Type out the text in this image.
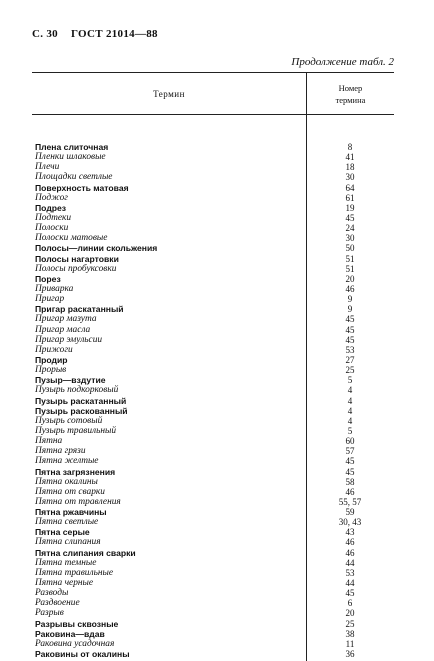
С. 30 ГОСТ 21014—88
Продолжение табл. 2
Термин
Номер
термина
Плена слиточная	8
Пленки шлаковые	41
Плечи	18
Площадки светлые	30
Поверхность матовая	64
Поджог	61
Подрез	19
Подтеки	45
Полоски	24
Полоски матовые	30
Полосы—линии скольжения	50
Полосы нагартовки	51
Полосы пробуксовки	51
Порез	20
Приварка	46
Пригар	9
Пригар раскатанный	9
Пригар мазута	45
Пригар масла	45
Пригар эмульсии	45
Прижоги	53
Продир	27
Прорыв	25
Пузыр—вздутие	5
Пузырь подкорковый	4
Пузырь раскатанный	4
Пузырь раскованный	4
Пузырь сотовый	4
Пузырь травильный	5
Пятна	60
Пятна грязи	57
Пятна желтые	45
Пятна загрязнения	45
Пятна окалины	58
Пятна от сварки	46
Пятна от травления	55, 57
Пятна ржавчины	59
Пятна светлые	30, 43
Пятна серые	43
Пятна слипания	46
Пятна слипания сварки	46
Пятна темные	44
Пятна травильные	53
Пятна черные	44
Разводы	45
Раздвоение	6
Разрыв	20
Разрывы сквозные	25
Раковина—вдав	38
Раковина усадочная	11
Раковины от окалины	36
